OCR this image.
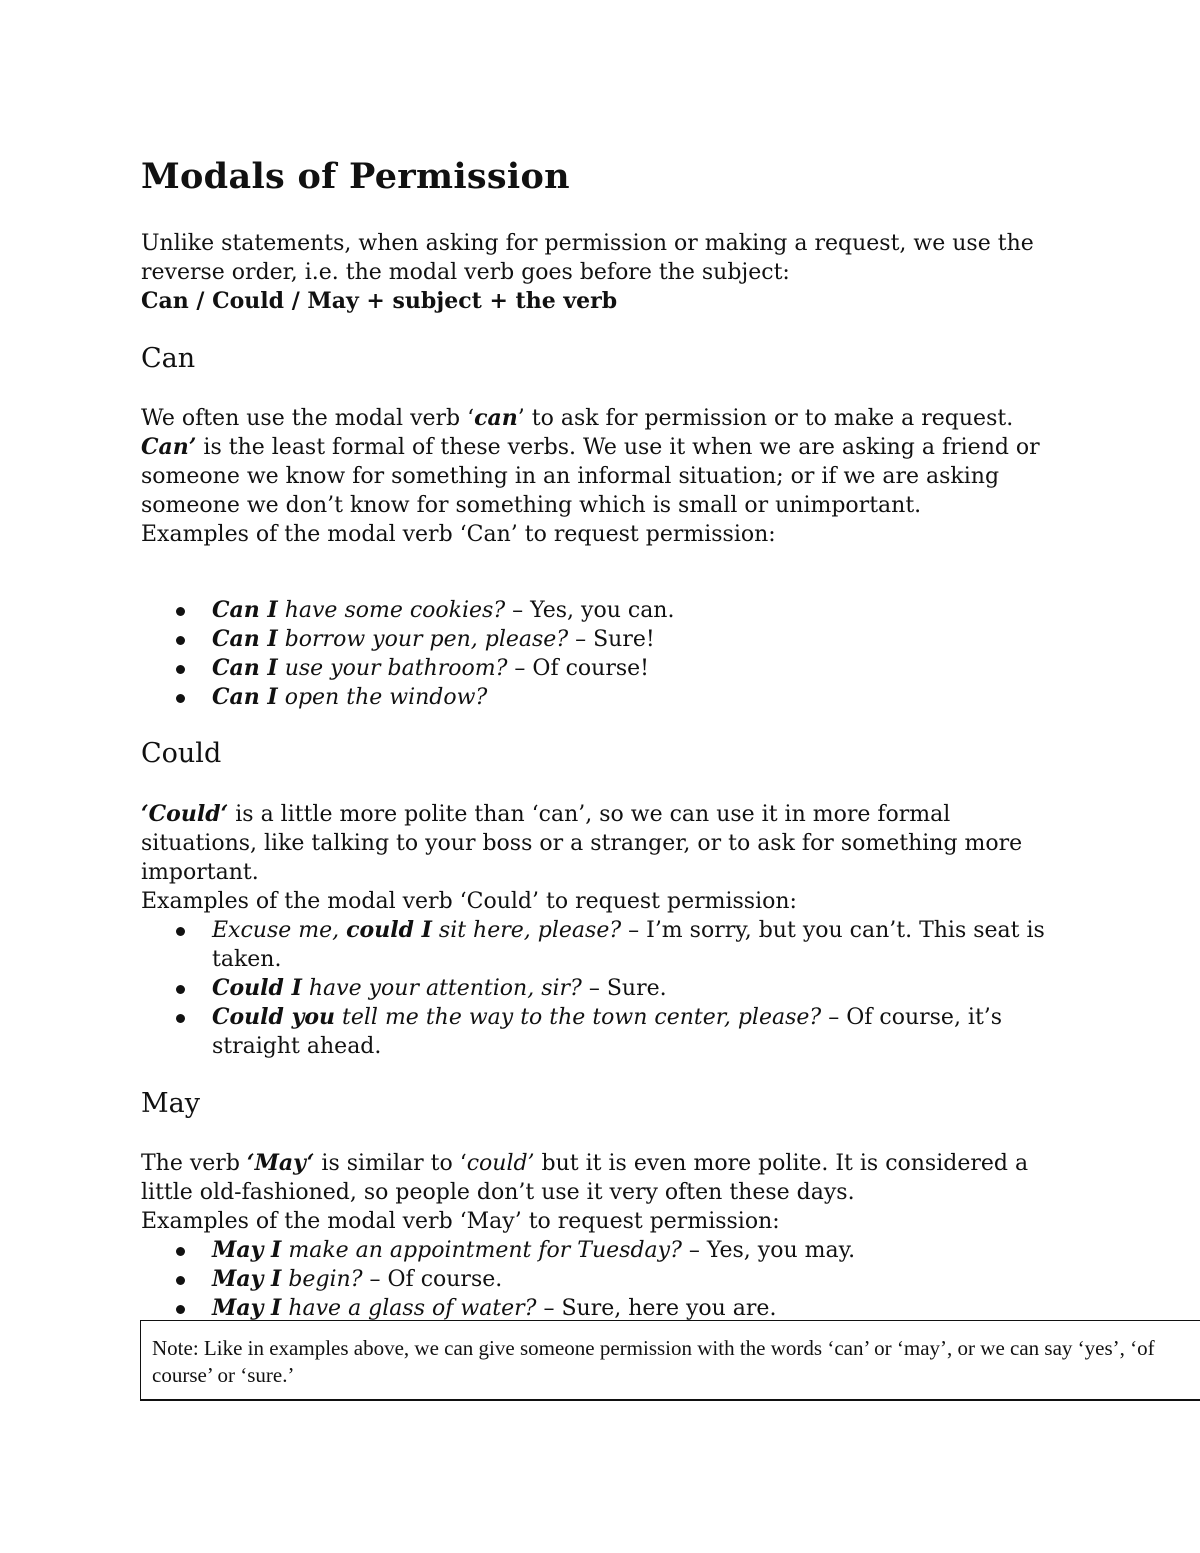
Modals of Permission

Unlike statements, when asking for permission or making a request, we use the reverse order, i.e. the modal verb goes before the subject:

Can / Could / May + subject + the verb

Can

We often use the modal verb ‘can’ to ask for permission or to make a request. Can’ is the least formal of these verbs. We use it when we are asking a friend or someone we know for something in an informal situation; or if we are asking someone we don’t know for something which is small or unimportant.

Examples of the modal verb ‘Can’ to request permission:

Can I have some cookies? – Yes, you can.
Can I borrow your pen, please? – Sure!
Can I use your bathroom? – Of course!
Can I open the window?
Could

‘Could‘ is a little more polite than ‘can’, so we can use it in more formal situations, like talking to your boss or a stranger, or to ask for something more important.

Examples of the modal verb ‘Could’ to request permission:

Excuse me, could I sit here, please? – I’m sorry, but you can’t. This seat is taken.
Could I have your attention, sir? – Sure.
Could you tell me the way to the town center, please? – Of course, it’s straight ahead.
May

The verb ‘May‘ is similar to ‘could’ but it is even more polite. It is considered a little old-fashioned, so people don’t use it very often these days.

Examples of the modal verb ‘May’ to request permission:

May I make an appointment for Tuesday? – Yes, you may.
May I begin? – Of course.
May I have a glass of water? – Sure, here you are.
Note: Like in examples above, we can give someone permission with the words ‘can’ or ‘may’, or we can say ‘yes’, ‘of course’ or ‘sure.’
